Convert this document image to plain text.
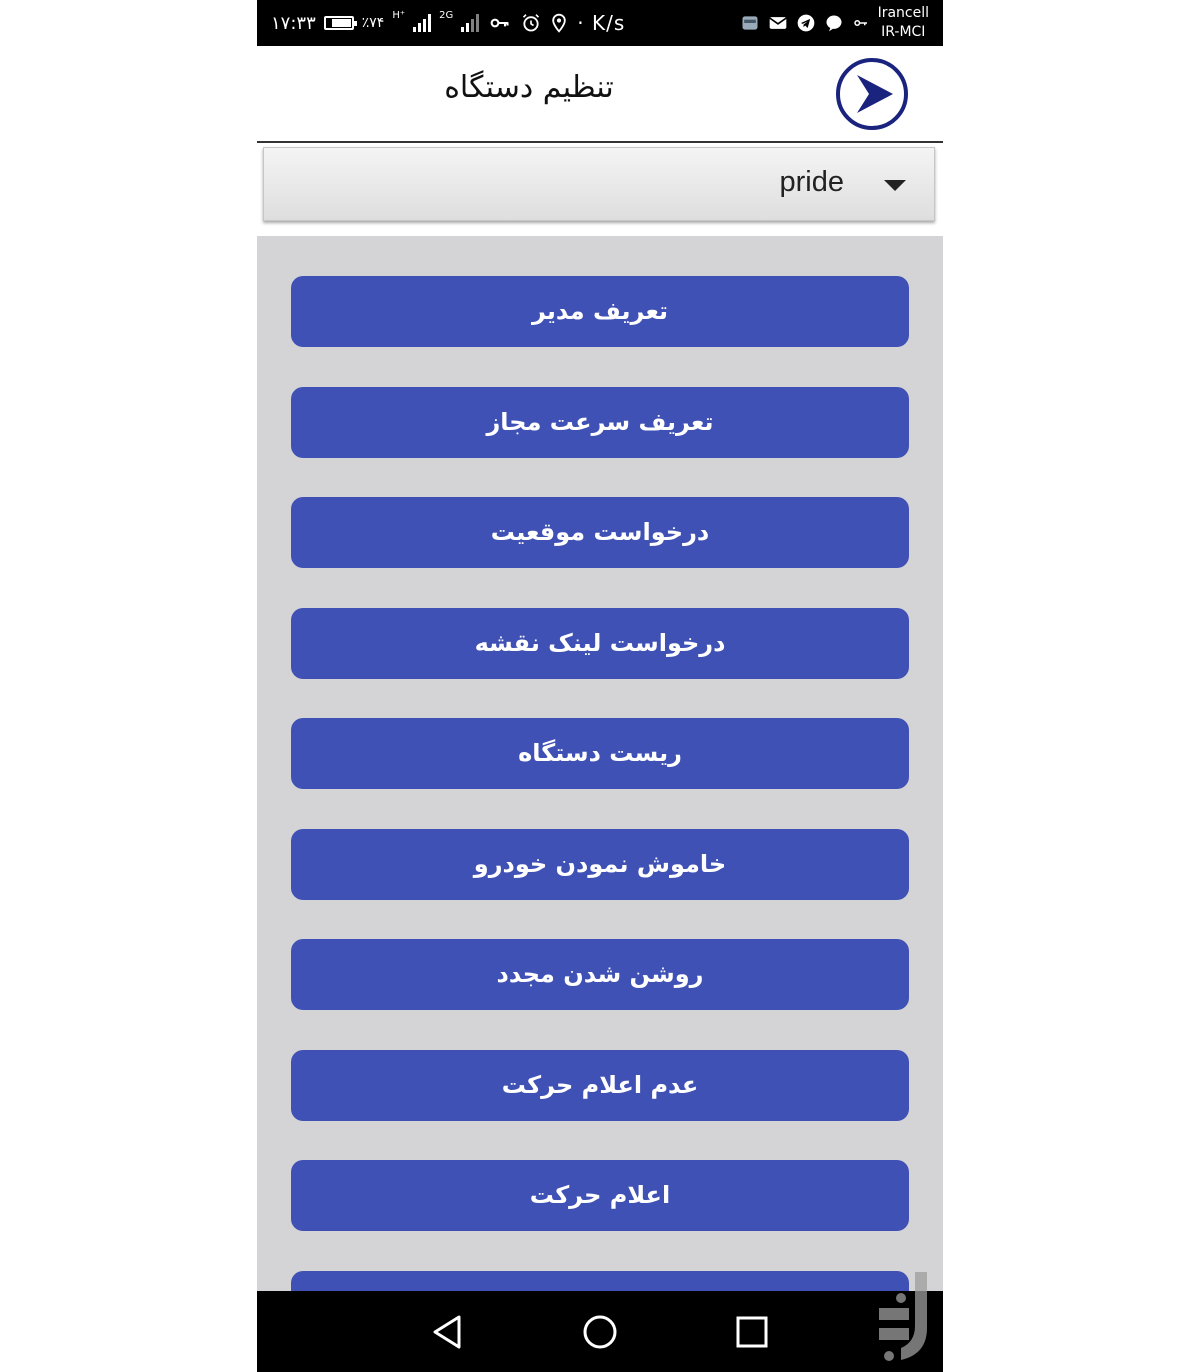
۱۷:۳۳	٪۷۴ H⁺	2G	· K/s	Irancell
IR-MCI
تنظیم دستگاه
pride
تعریف مدیر
تعریف سرعت مجاز
درخواست موقعیت
درخواست لینک نقشه
ریست دستگاه
خاموش نمودن خودرو
روشن شدن مجدد
عدم اعلام حرکت
اعلام حرکت
